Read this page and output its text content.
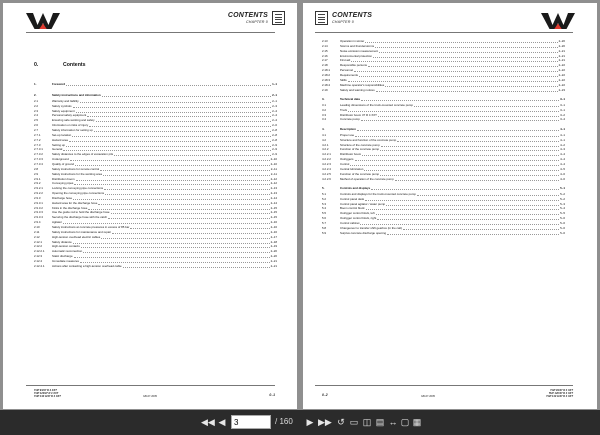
CONTENTS
CHAPTER 0
0.	Contents
1.	Foreword	1–1
2.	Safety instructions and information	2–1
2.1	Warranty and liability	2–1
2.2	Safety symbols	2–3
2.3	Safety equipment	2–4
2.4	Personal safety equipment	2–4
2.5	Ensuring safe working and safety	2–4
2.6	Information on risks of injury	2–6
2.7	Safety information for setting up	2–8
2.7.1	Set-up location	2–8
2.7.2	Hazard area	2–8
2.7.3	Setting up	2–9
2.7.3.1	General	2–9
2.7.3.2	Safety distances to the edges of excavation pits	2–9
2.7.3.3	Underground	2–10
2.7.3.4	Quality of ground	2–10
2.8	Safety instructions for remote control	2–11
2.9	Safety instructions for the working area	2–11
2.9.1	Distribution boom	2–12
2.9.2	Conveying pipes	2–12
2.9.2.1	Locking the conveying pipe connections	2–13
2.9.2.2	Opening the conveying pipe connections	2–13
2.9.3	Discharge hose	2–14
2.9.3.1	Hazard area for the discharge hose	2–14
2.9.3.2	Kinks in the discharge hose	2–15
2.9.3.3	Use the guide rod to hold the discharge hose	2–15
2.9.3.4	Securing the discharge hose with the catch	2–15
2.9.4	Agitator	2–16
2.10	Safety instructions at concrete pressures in excess of 85 bar	2–16
2.11	Safety instructions for maintenance and repair	2–16
2.12	High-tension overhead electric cables	2–17
2.12.1	Safety distance	2–18
2.12.2	High-tension contacts	2–19
2.12.2.1	Automatic reconnection	2–20
2.12.3	Static discharge	2–20
2.12.4	Immediate measures	2–21
2.12.4.1	Actions after contacting a high-tension overhead cable	2–21
THP 94/37 R 4 XXT
THP 120/37 R 4 XXT
THP 140 H/37 R 4 XXT	GB-07.2005	0–1
CONTENTS
CHAPTER 0
2.13	Operation in winter	2–20
2.14	Storms and thunderstorms	2–20
2.15	Noise emission measurement	2–21
2.16	Environmental protection	2–21
2.17	First aid	2–21
2.18	Responsible persons	2–22
2.18.1	Personnel	2–22
2.18.2	Requirements	2–22
2.18.3	Skills	2–22
2.18.4	Machine operator's responsibilities	2–22
2.19	Safety and warning notices	2–23
3.	Technical data	3–1
3.1	Leading dimensions of the truck-mounted concrete pump	3–1
3.2	Truck	3–1
3.3	Distributor boom 37 R 4 XXT	3–2
3.4	Concrete pump	3–4
4.	Description	4–1
4.1	Proper use	4–1
4.2	Structure and function of the concrete pump	4–1
4.2.1	Structure of the concrete pump	4–2
4.2.2	Function of the concrete pump	4–3
4.2.2.1	Distributor boom	4–4
4.2.2.2	Outriggers	4–4
4.2.2.3	Control	4–4
4.2.2.4	Central lubrication	4–5
4.2.2.5	Function of the concrete pump	4–6
4.2.2.6	Method of operation of the concrete pump	4–6
5.	Controls and displays	5–1
5.1	Controls and displays for the truck-mounted concrete pump	5–2
5.2	Control panel desk	5–2
5.3	Control panel agitator / water pump	5–3
5.4	Boom control block	5–4
5.5	Outrigger control block, left	5–5
5.6	Outrigger control block, right	5–6
5.7	Control cabinet	5–6
5.8	Changeover to transfer shift gearbox (in the cab)	5–6
5.9	Surplus concrete discharge opening	5–6
0–2	GB-07.2005
THP 94/37 R 4 XXT
THP 120/37 R 4 XXT
THP 140 H/37 R 4 XXT
◀◀ ◀	3	/ 160 ▶ ▶▶ ↺ ▭ ◫ ▤ ↔ ▢ ▦
